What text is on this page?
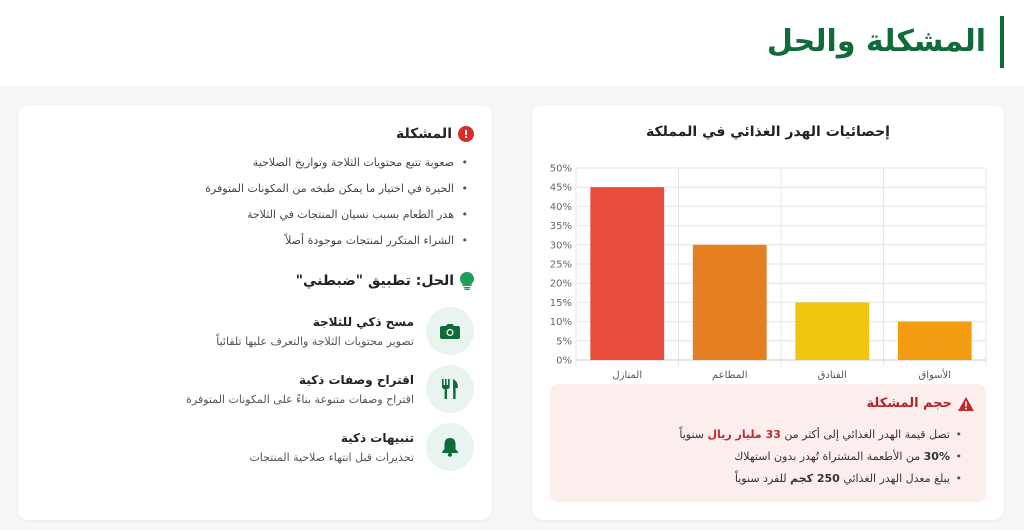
المشكلة والحل
إحصائيات الهدر الغذائي في المملكة
0%
5%
10%
15%
20%
25%
30%
35%
40%
45%
50%
المنازل	المطاعم	الفنادق	الأسواق
حجم المشكلة
• تصل قيمة الهدر الغذائي إلى أكثر من 33 مليار ريال سنوياً
• 30% من الأطعمة المشتراة تُهدر بدون استهلاك
• يبلغ معدل الهدر الغذائي 250 كجم للفرد سنوياً
!
المشكلة
• صعوبة تتبع محتويات الثلاجة وتواريخ الصلاحية
• الحيرة في اختيار ما يمكن طبخه من المكونات المتوفرة
• هدر الطعام بسبب نسيان المنتجات في الثلاجة
• الشراء المتكرر لمنتجات موجودة أصلاً
الحل: تطبيق "ضبطني"
مسح ذكي للثلاجة
تصوير محتويات الثلاجة والتعرف عليها تلقائياً
اقتراح وصفات ذكية
اقتراح وصفات متنوعة بناءً على المكونات المتوفرة
تنبيهات ذكية
تحذيرات قبل انتهاء صلاحية المنتجات
